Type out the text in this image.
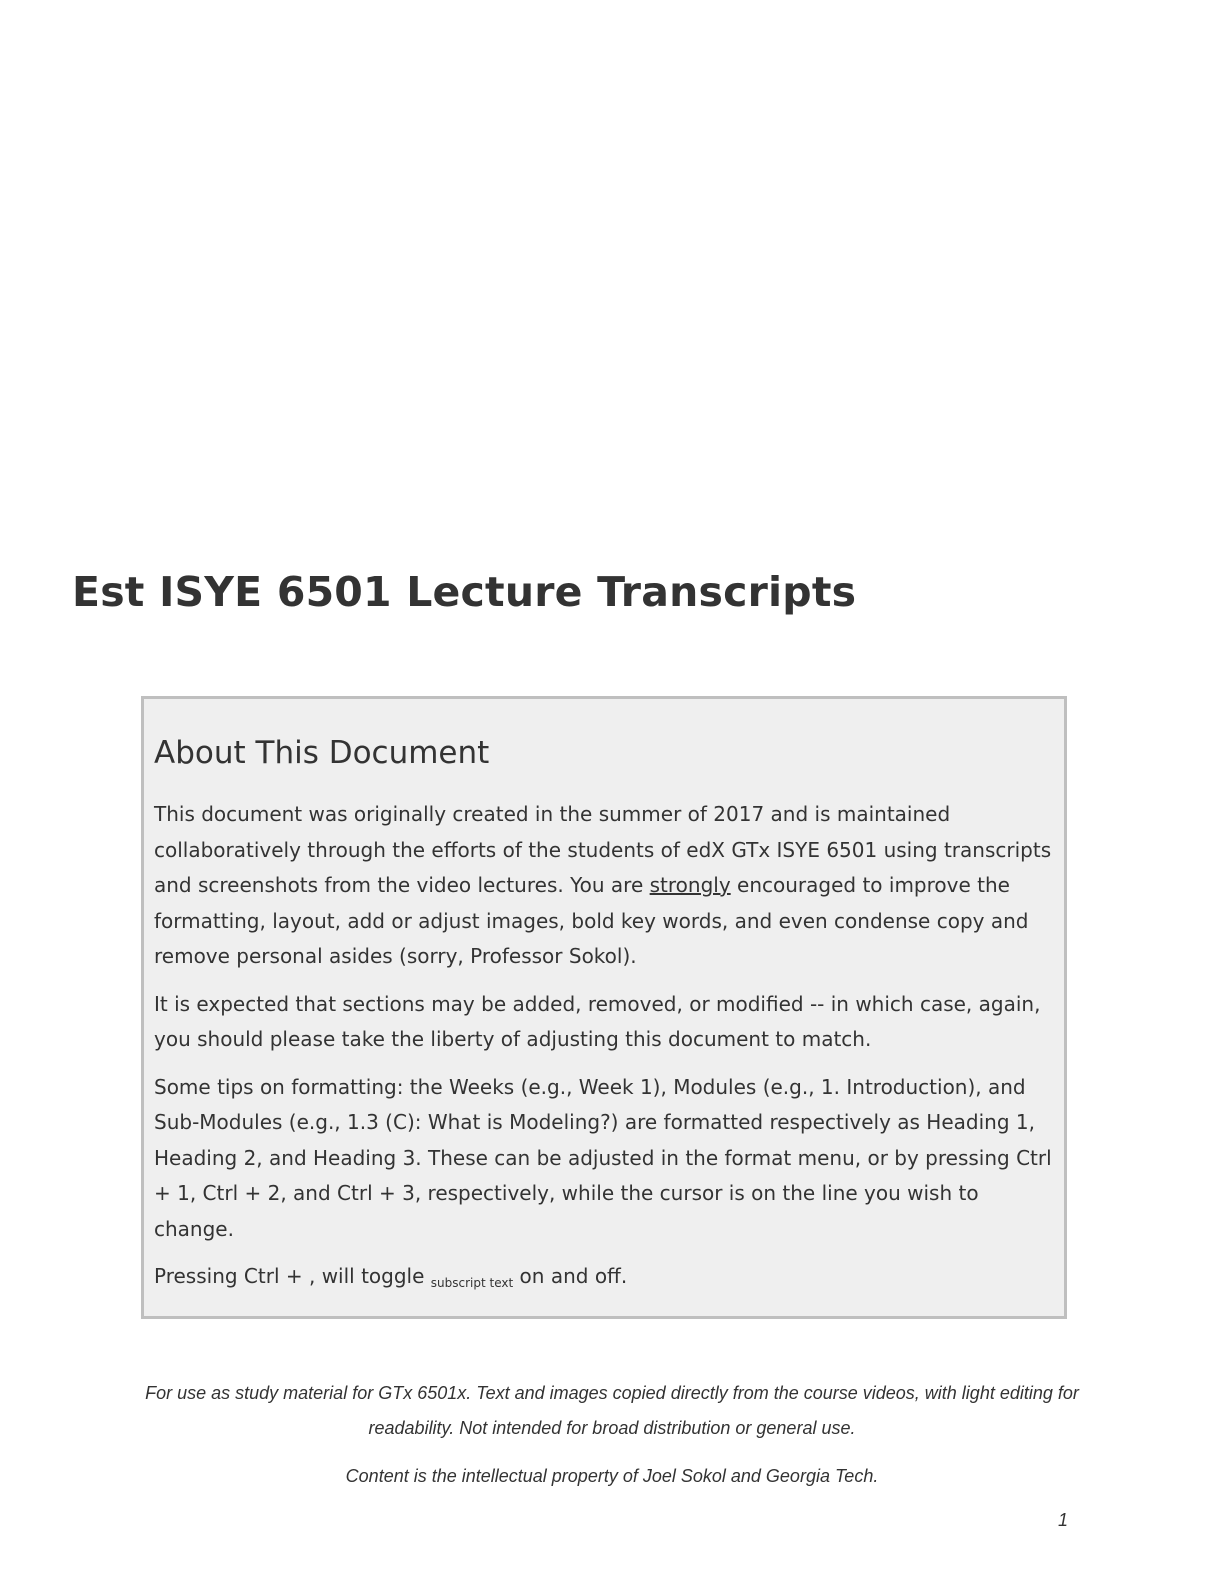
Est ISYE 6501 Lecture Transcripts
About This Document

This document was originally created in the summer of 2017 and is maintained collaboratively through the efforts of the students of edX GTx ISYE 6501 using transcripts and screenshots from the video lectures. You are strongly encouraged to improve the formatting, layout, add or adjust images, bold key words, and even condense copy and remove personal asides (sorry, Professor Sokol).

It is expected that sections may be added, removed, or modified -- in which case, again, you should please take the liberty of adjusting this document to match.

Some tips on formatting: the Weeks (e.g., Week 1), Modules (e.g., 1. Introduction), and Sub-Modules (e.g., 1.3 (C): What is Modeling?) are formatted respectively as Heading 1, Heading 2, and Heading 3. These can be adjusted in the format menu, or by pressing Ctrl + 1, Ctrl + 2, and Ctrl + 3, respectively, while the cursor is on the line you wish to change.

Pressing Ctrl + , will toggle $_{subscript text}$ on and off.

For use as study material for GTx 6501x. Text and images copied directly from the course videos, with light editing for readability. Not intended for broad distribution or general use.

Content is the intellectual property of Joel Sokol and Georgia Tech.

1
